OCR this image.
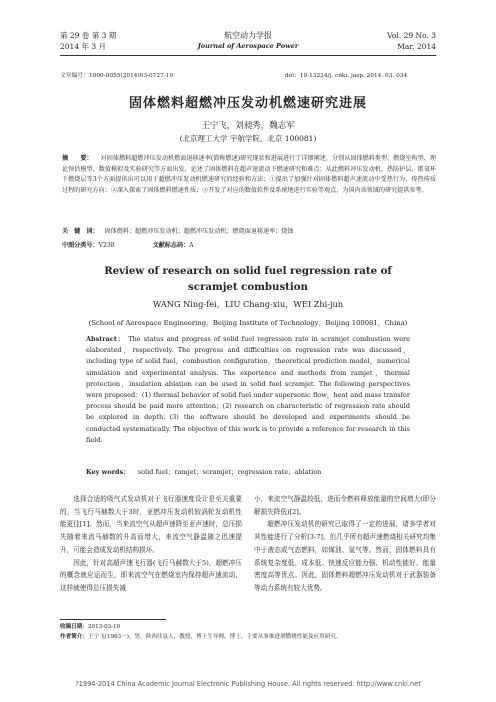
第 29 卷 第 3 期
2014 年 3 月
航空动力学报
Journal of Aerospace Power
Vol. 29 No. 3
Mar. 2014
文章编号：1000-8055(2014)03-0727-10	doi：10.13224/j. cnki. jasp. 2014. 03. 034
固体燃料超燃冲压发动机燃速研究进展
王宁飞，刘昶秀，魏志军
(北京理工大学 宇航学院，北京 100081)
摘　　要： 对固体燃料超燃冲压发动机燃面退移速率(简称燃速)研究现状和进展进行了详细阐述，分别从固体燃料类型、燃烧室构型、理论预估模型、数值模拟及实验研究等方面出发，论述了固体燃料在超声速流动下燃速研究和难点；从此燃料冲压发动机、热防护层、匿氧环下燃烧层等3个方面提供出可以用于超燃冲压发动机燃速研究的经验和方法；①提出了加强针对固体燃料超声速流动中受热行为、传热传质过程的研究方向；②深入探索了固体燃料燃速性质；③开发了对应的数值软件及系统地进行实验等观点，为国内该领域的研究提供参考。
关　键　词： 固体燃料；超燃冲压发动机；超燃冲压发动机；燃烧面退移速率；烧蚀
中图分类号：V238	文献标志码：A
Review of research on solid fuel regression rate of
scramjet combustion
WANG Ning-fei，LIU Chang-xiu，WEI Zhi-jun
(School of Aerospace Engineering，Beijing Institute of Technology，Beijing 100081，China)
Abstract： The status and progress of solid fuel regression rate in scramjet combustion were elaborated，respectively. The progress and difficulties on regression rate was discussed，including type of solid fuel，combustion configuration，theoretical prediction model，numerical simulation and experimental analysis. The experience and methods from ramjet，thermal protection，insulation ablation can be used in solid fuel scramjet. The following perspectives were proposed：(1) thermal behavior of solid fuel under supersonic flow，heat and mass transfer process should be paid more attention；(2) research on characteristic of regression rate should be explored in depth；(3) the software should be developed and experiments should be conducted systematically. The objective of this work is to provide a reference for research in this field.
Key words： solid fuel；ramjet；scramjet；regression rate；ablation

选择合适的吸气式发动机对于飞行器速度设计是至关重要的，当飞行马赫数大于3时，亚燃冲压发动机较涡轮发动机性能更佳[1]。然而，当来流空气从超声速降至亚声速时，总压损失随着来流马赫数的升高而增大，来流空气静温随之迅速提升，可能会造成发动机结构损坏。

因此，针对高超声速飞行器(飞行马赫数大于5)，超燃冲压的概念就应运而生，即来流空气在燃烧室内保持超声速流动，这样就使得总压损失减

小，来流空气静温较低，进而令燃料释放能量的空间增大(即分解损失降低)[2]。

超燃冲压发动机的研究已取得了一定的进展，诸多学者对其性能进行了分析[3-7]。但几乎所有超声速燃烧相关研究均集中于液态或气态燃料，如煤油、氢气等。然而，固体燃料具有系统复杂度低、成本低、快速反应能力强、机动性能好、能量密度高等优点。因此，固体燃料超燃冲压发动机对于武器装备等动力系统有较大优势。

收稿日期：2013-03-10
作者简介：王宁飞(1963－)，男，陕西佳县人，教授，博士生导师，博士，主要从事推进剂燃烧性能及应用研究。
?1994-2014 China Academic Journal Electronic Publishing House. All rights reserved. http://www.cnki.net
